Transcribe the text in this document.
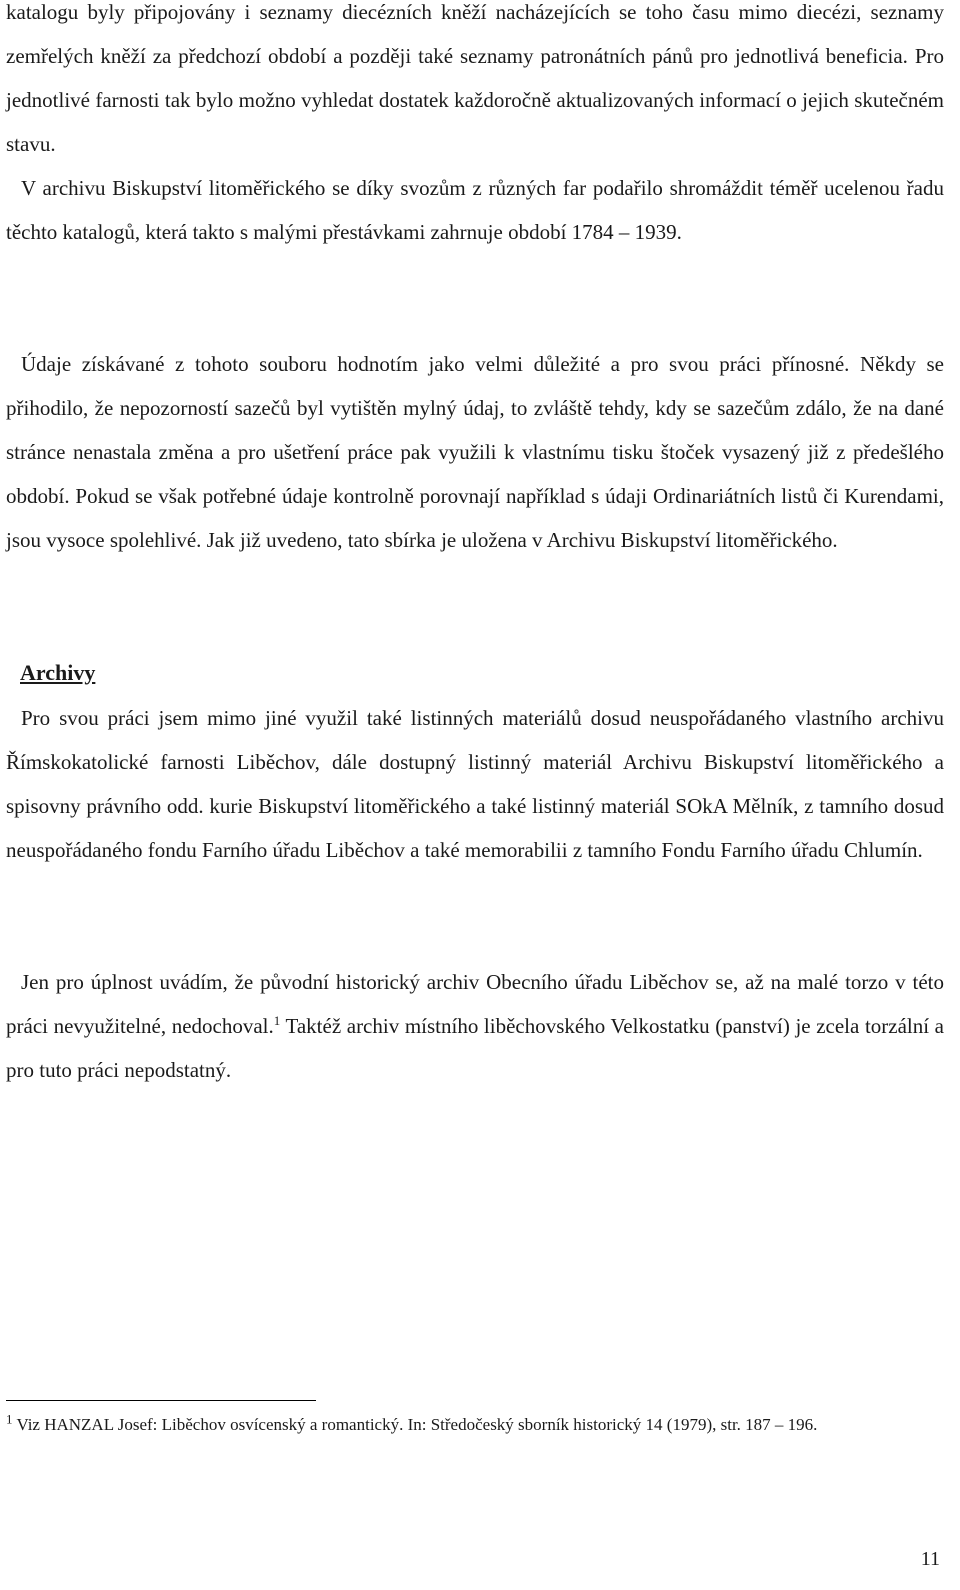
katalogu byly připojovány i seznamy diecézních kněží nacházejících se toho času mimo diecézi, seznamy zemřelých kněží za předchozí období a později také seznamy patronátních pánů pro jednotlivá beneficia. Pro jednotlivé farnosti tak bylo možno vyhledat dostatek každoročně aktualizovaných informací o jejich skutečném stavu.

V archivu Biskupství litoměřického se díky svozům z různých far podařilo shromáždit téměř ucelenou řadu těchto katalogů, která takto s malými přestávkami zahrnuje období 1784 – 1939.

Údaje získávané z tohoto souboru hodnotím jako velmi důležité a pro svou práci přínosné. Někdy se přihodilo, že nepozorností sazečů byl vytištěn mylný údaj, to zvláště tehdy, kdy se sazečům zdálo, že na dané stránce nenastala změna a pro ušetření práce pak využili k vlastnímu tisku štoček vysazený již z předešlého období. Pokud se však potřebné údaje kontrolně porovnají například s údaji Ordinariátních listů či Kurendami, jsou vysoce spolehlivé. Jak již uvedeno, tato sbírka je uložena v Archivu Biskupství litoměřického.

Archivy

Pro svou práci jsem mimo jiné využil také listinných materiálů dosud neuspořádaného vlastního archivu Římskokatolické farnosti Liběchov, dále dostupný listinný materiál Archivu Biskupství litoměřického a spisovny právního odd. kurie Biskupství litoměřického a také listinný materiál SOkA Mělník, z tamního dosud neuspořádaného fondu Farního úřadu Liběchov a také memorabilii z tamního Fondu Farního úřadu Chlumín.

Jen pro úplnost uvádím, že původní historický archiv Obecního úřadu Liběchov se, až na malé torzo v této práci nevyužitelné, nedochoval.$^1$ Taktéž archiv místního liběchovského Velkostatku (panství) je zcela torzální a pro tuto práci nepodstatný.

$^1$ Viz HANZAL Josef: Liběchov osvícenský a romantický. In: Středočeský sborník historický 14 (1979), str. 187 – 196.

11
